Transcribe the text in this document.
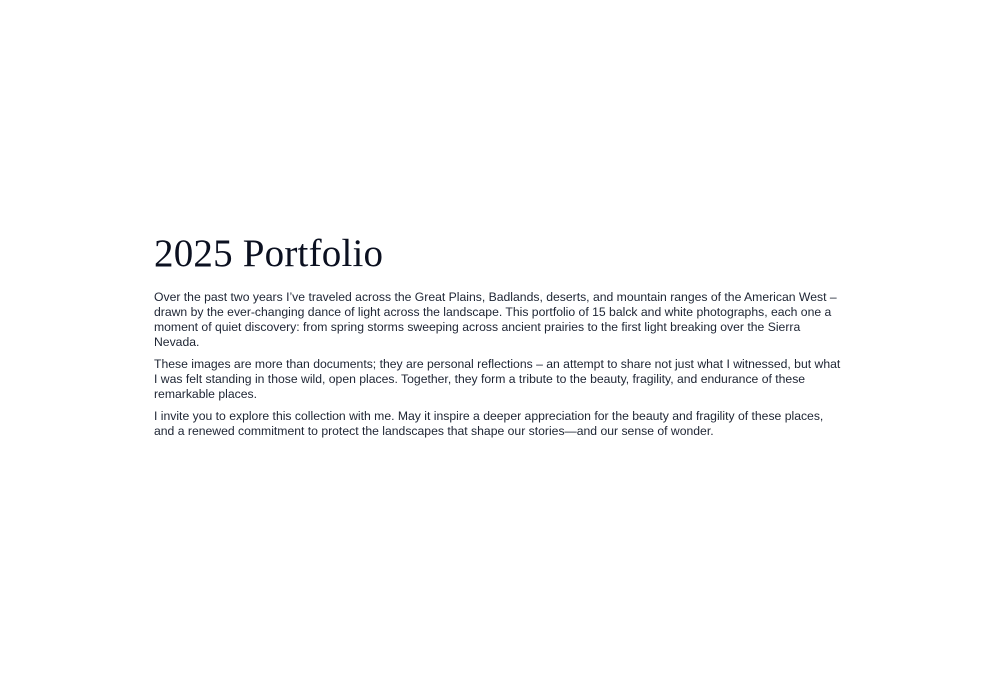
2025 Portfolio

Over the past two years I’ve traveled across the Great Plains, Badlands, deserts, and mountain ranges of the American West – drawn by the ever-changing dance of light across the landscape. This portfolio of 15 balck and white photographs, each one a moment of quiet discovery: from spring storms sweeping across ancient prairies to the first light breaking over the Sierra Nevada.

These images are more than documents; they are personal reflections – an attempt to share not just what I witnessed, but what I was felt standing in those wild, open places. Together, they form a tribute to the beauty, fragility, and endurance of these remarkable places.

I invite you to explore this collection with me. May it inspire a deeper appreciation for the beauty and fragility of these places, and a renewed commitment to protect the landscapes that shape our stories—and our sense of wonder.
